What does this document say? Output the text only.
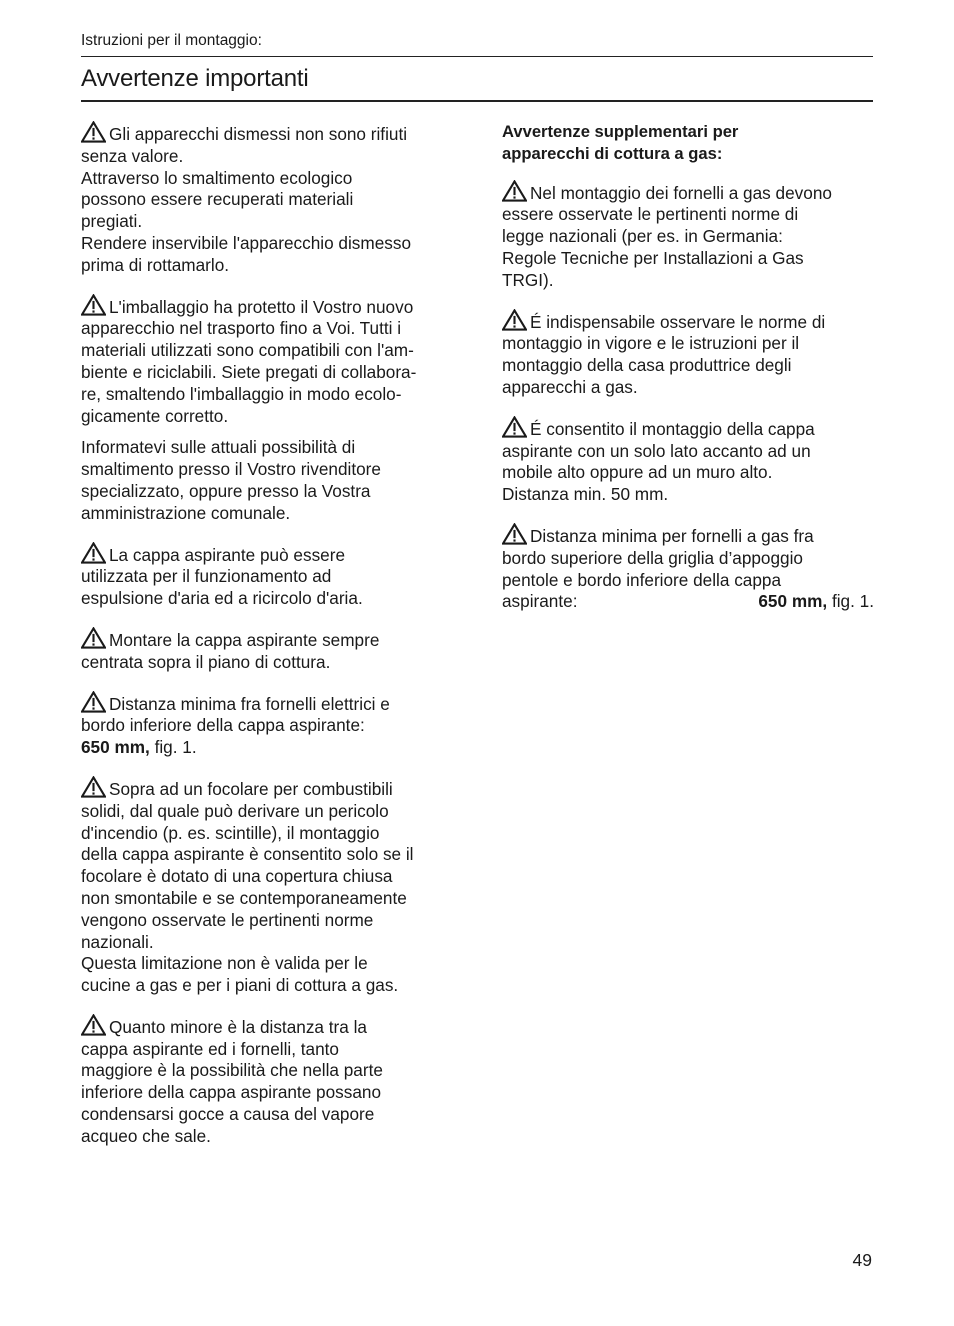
Istruzioni per il montaggio:
Avvertenze importanti
Gli apparecchi dismessi non sono rifiuti
senza valore.
Attraverso lo smaltimento ecologico
possono essere recuperati materiali
pregiati.
Rendere inservibile l'apparecchio dismesso
prima di rottamarlo.
L'imballaggio ha protetto il Vostro nuovo
apparecchio nel trasporto fino a Voi. Tutti i
materiali utilizzati sono compatibili con l'am-
biente e riciclabili. Siete pregati di collabora-
re, smaltendo l'imballaggio in modo ecolo-
gicamente corretto.
Informatevi sulle attuali possibilità di
smaltimento presso il Vostro rivenditore
specializzato, oppure presso la Vostra
amministrazione comunale.
La cappa aspirante può essere
utilizzata per il funzionamento ad
espulsione d'aria ed a ricircolo d'aria.
Montare la cappa aspirante sempre
centrata sopra il piano di cottura.
Distanza minima fra fornelli elettrici e
bordo inferiore della cappa aspirante:
650 mm, fig. 1.
Sopra ad un focolare per combustibili
solidi, dal quale può derivare un pericolo
d'incendio (p. es. scintille), il montaggio
della cappa aspirante è consentito solo se il
focolare è dotato di una copertura chiusa
non smontabile e se contemporaneamente
vengono osservate le pertinenti norme
nazionali.
Questa limitazione non è valida per le
cucine a gas e per i piani di cottura a gas.
Quanto minore è la distanza tra la
cappa aspirante ed i fornelli, tanto
maggiore è la possibilità che nella parte
inferiore della cappa aspirante possano
condensarsi gocce a causa del vapore
acqueo che sale.
Avvertenze supplementari per
apparecchi di cottura a gas:
Nel montaggio dei fornelli a gas devono
essere osservate le pertinenti norme di
legge nazionali (per es. in Germania:
Regole Tecniche per Installazioni a Gas
TRGI).
É indispensabile osservare le norme di
montaggio in vigore e le istruzioni per il
montaggio della casa produttrice degli
apparecchi a gas.
É consentito il montaggio della cappa
aspirante con un solo lato accanto ad un
mobile alto oppure ad un muro alto.
Distanza min. 50 mm.
Distanza minima per fornelli a gas fra
bordo superiore della griglia d’appoggio
pentole e bordo inferiore della cappa
aspirante:	650 mm, fig. 1.
49
